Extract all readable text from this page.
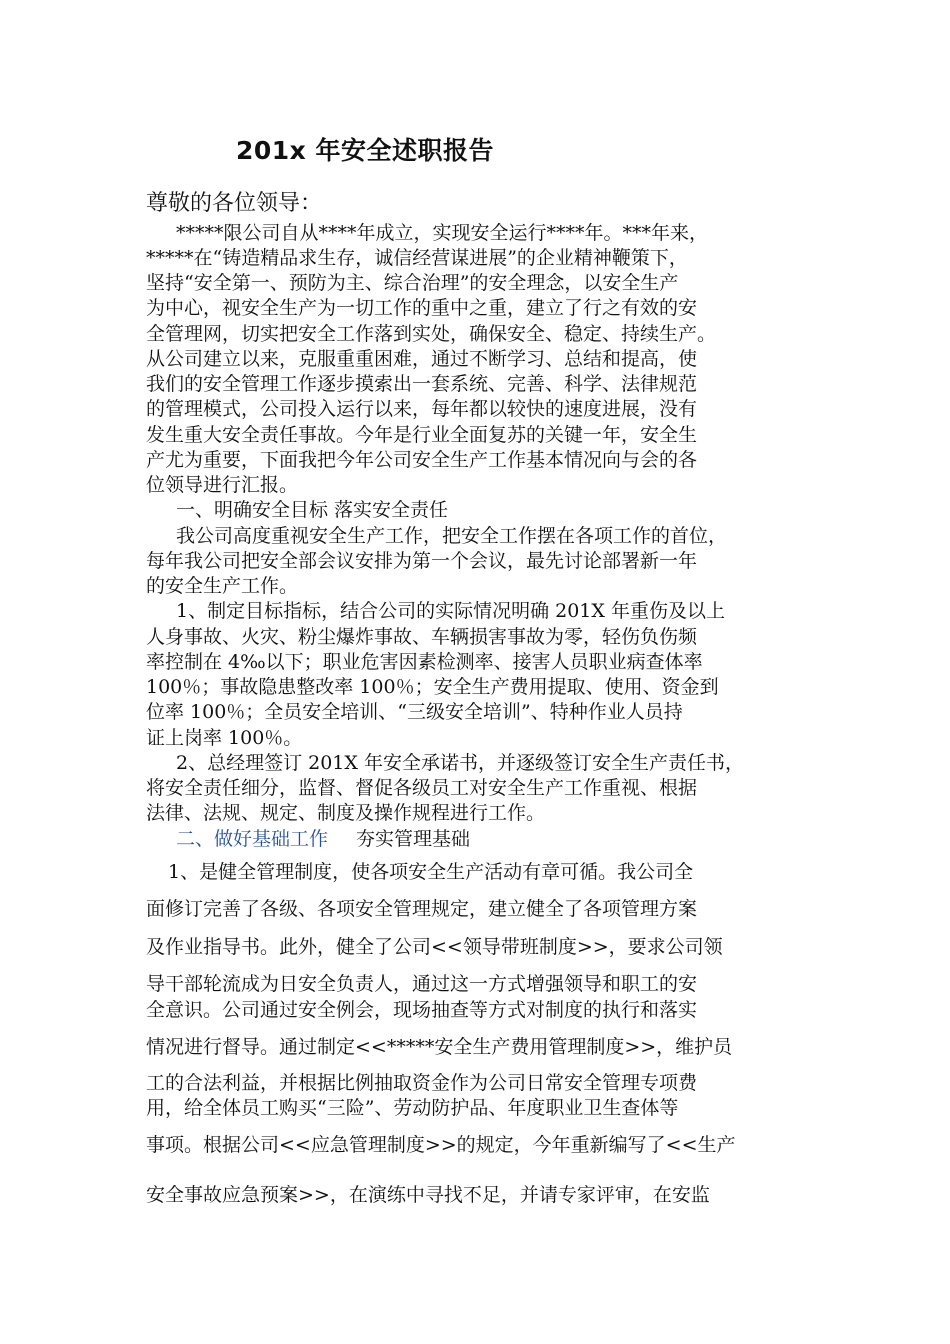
201x 年安全述职报告
尊敬的各位领导：
*****限公司自从****年成立，实现安全运行****年。***年来，
*****在“铸造精品求生存，诚信经营谋进展”的企业精神鞭策下，
坚持“安全第一、预防为主、综合治理”的安全理念，以安全生产
为中心，视安全生产为一切工作的重中之重，建立了行之有效的安
全管理网，切实把安全工作落到实处，确保安全、稳定、持续生产。
从公司建立以来，克服重重困难，通过不断学习、总结和提高，使
我们的安全管理工作逐步摸索出一套系统、完善、科学、法律规范
的管理模式，公司投入运行以来，每年都以较快的速度进展，没有
发生重大安全责任事故。今年是行业全面复苏的关键一年，安全生
产尤为重要，下面我把今年公司安全生产工作基本情况向与会的各
位领导进行汇报。
一、明确安全目标 落实安全责任
我公司高度重视安全生产工作，把安全工作摆在各项工作的首位，
每年我公司把安全部会议安排为第一个会议，最先讨论部署新一年
的安全生产工作。
1、制定目标指标，结合公司的实际情况明确 201X 年重伤及以上
人身事故、火灾、粉尘爆炸事故、车辆损害事故为零，轻伤负伤频
率控制在 4‰以下；职业危害因素检测率、接害人员职业病查体率
100％；事故隐患整改率 100％；安全生产费用提取、使用、资金到
位率 100％；全员安全培训、“三级安全培训”、特种作业人员持
证上岗率 100％。
2、总经理签订 201X 年安全承诺书，并逐级签订安全生产责任书，
将安全责任细分，监督、督促各级员工对安全生产工作重视、根据
法律、法规、规定、制度及操作规程进行工作。
二、做好基础工作 夯实管理基础
1、是健全管理制度，使各项安全生产活动有章可循。我公司全
面修订完善了各级、各项安全管理规定，建立健全了各项管理方案
及作业指导书。此外，健全了公司<<领导带班制度>>，要求公司领
导干部轮流成为日安全负责人，通过这一方式增强领导和职工的安
全意识。公司通过安全例会，现场抽查等方式对制度的执行和落实
情况进行督导。通过制定<<*****安全生产费用管理制度>>，维护员
工的合法利益，并根据比例抽取资金作为公司日常安全管理专项费
用，给全体员工购买“三险”、劳动防护品、年度职业卫生查体等
事项。根据公司<<应急管理制度>>的规定，今年重新编写了<<生产
安全事故应急预案>>，在演练中寻找不足，并请专家评审，在安监
